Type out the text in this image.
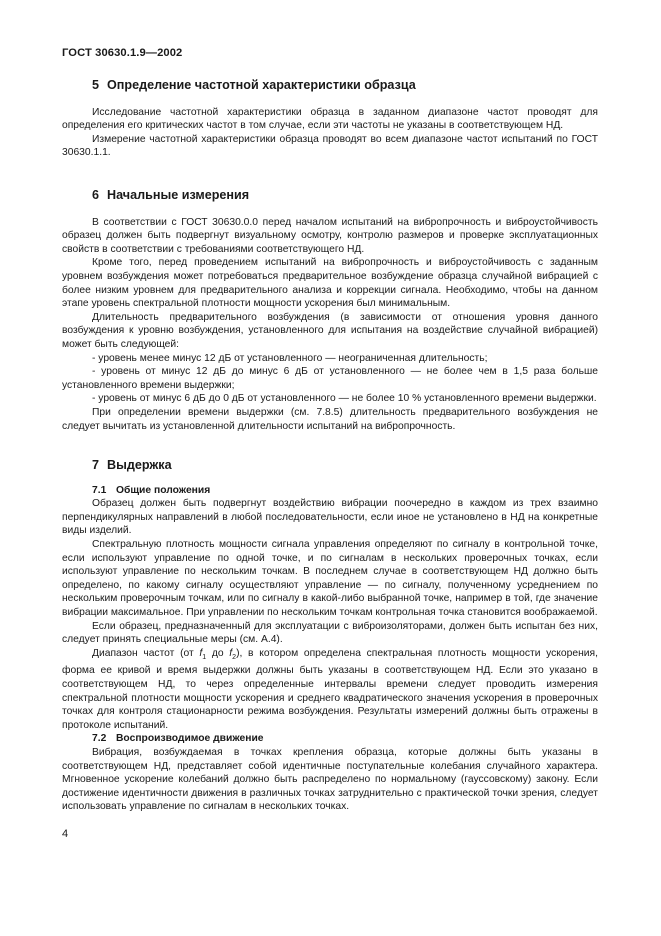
ГОСТ 30630.1.9—2002
5 Определение частотной характеристики образца

Исследование частотной характеристики образца в заданном диапазоне частот проводят для определения его критических частот в том случае, если эти частоты не указаны в соответствующем НД.

Измерение частотной характеристики образца проводят во всем диапазоне частот испытаний по ГОСТ 30630.1.1.

6 Начальные измерения

В соответствии с ГОСТ 30630.0.0 перед началом испытаний на вибропрочность и виброустойчивость образец должен быть подвергнут визуальному осмотру, контролю размеров и проверке эксплуатационных свойств в соответствии с требованиями соответствующего НД.

Кроме того, перед проведением испытаний на вибропрочность и виброустойчивость с заданным уровнем возбуждения может потребоваться предварительное возбуждение образца случайной вибрацией с более низким уровнем для предварительного анализа и коррекции сигнала. Необходимо, чтобы на данном этапе уровень спектральной плотности мощности ускорения был минимальным.

Длительность предварительного возбуждения (в зависимости от отношения уровня данного возбуждения к уровню возбуждения, установленного для испытания на воздействие случайной вибрацией) может быть следующей:

- уровень менее минус 12 дБ от установленного — неограниченная длительность;

- уровень от минус 12 дБ до минус 6 дБ от установленного — не более чем в 1,5 раза больше установленного времени выдержки;

- уровень от минус 6 дБ до 0 дБ от установленного — не более 10 % установленного времени выдержки.

При определении времени выдержки (см. 7.8.5) длительность предварительного возбуждения не следует вычитать из установленной длительности испытаний на вибропрочность.

7 Выдержка
7.1 Общие положения

Образец должен быть подвергнут воздействию вибрации поочередно в каждом из трех взаимно перпендикулярных направлений в любой последовательности, если иное не установлено в НД на конкретные виды изделий.

Спектральную плотность мощности сигнала управления определяют по сигналу в контрольной точке, если используют управление по одной точке, и по сигналам в нескольких проверочных точках, если используют управление по нескольким точкам. В последнем случае в соответствующем НД должно быть определено, по какому сигналу осуществляют управление — по сигналу, полученному усреднением по нескольким проверочным точкам, или по сигналу в какой-либо выбранной точке, например в той, где значение вибрации максимальное. При управлении по нескольким точкам контрольная точка становится воображаемой.

Если образец, предназначенный для эксплуатации с виброизоляторами, должен быть испытан без них, следует принять специальные меры (см. А.4).

Диапазон частот (от $f_1$ до $f_2$), в котором определена спектральная плотность мощности ускорения, форма ее кривой и время выдержки должны быть указаны в соответствующем НД. Если это указано в соответствующем НД, то через определенные интервалы времени следует проводить измерения спектральной плотности мощности ускорения и среднего квадратического значения ускорения в проверочных точках для контроля стационарности режима возбуждения. Результаты измерений должны быть отражены в протоколе испытаний.

7.2 Воспроизводимое движение

Вибрация, возбуждаемая в точках крепления образца, которые должны быть указаны в соответствующем НД, представляет собой идентичные поступательные колебания случайного характера. Мгновенное ускорение колебаний должно быть распределено по нормальному (гауссовскому) закону. Если достижение идентичности движения в различных точках затруднительно с практической точки зрения, следует использовать управление по сигналам в нескольких точках.

4
